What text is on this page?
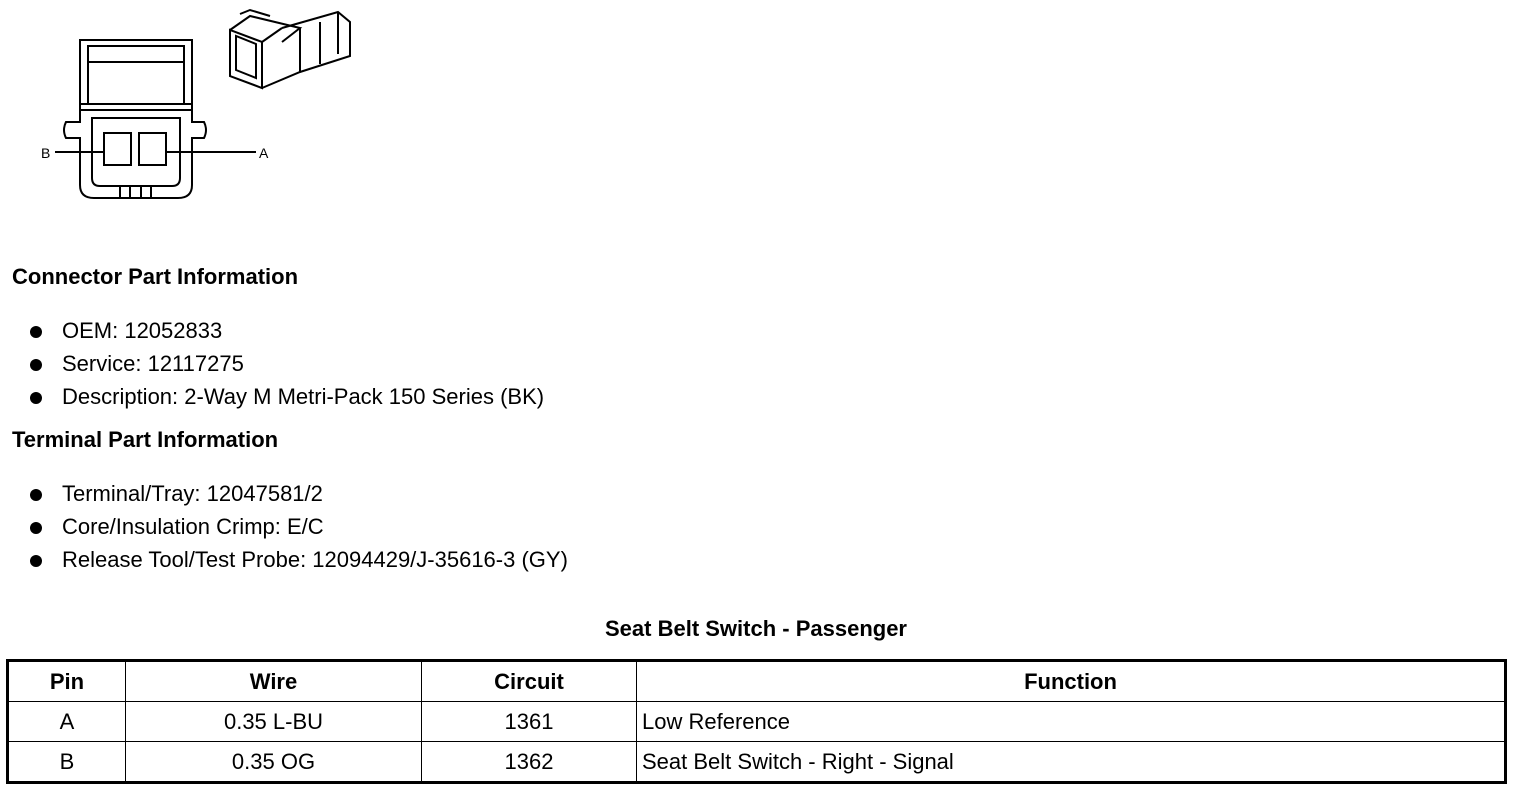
B	A
Connector Part Information
OEM: 12052833
Service: 12117275
Description: 2-Way M Metri-Pack 150 Series (BK)
Terminal Part Information
Terminal/Tray: 12047581/2
Core/Insulation Crimp: E/C
Release Tool/Test Probe: 12094429/J-35616-3 (GY)
Seat Belt Switch - Passenger
Pin	Wire	Circuit	Function
A	0.35 L-BU	1361	Low Reference
B	0.35 OG	1362	Seat Belt Switch - Right - Signal
